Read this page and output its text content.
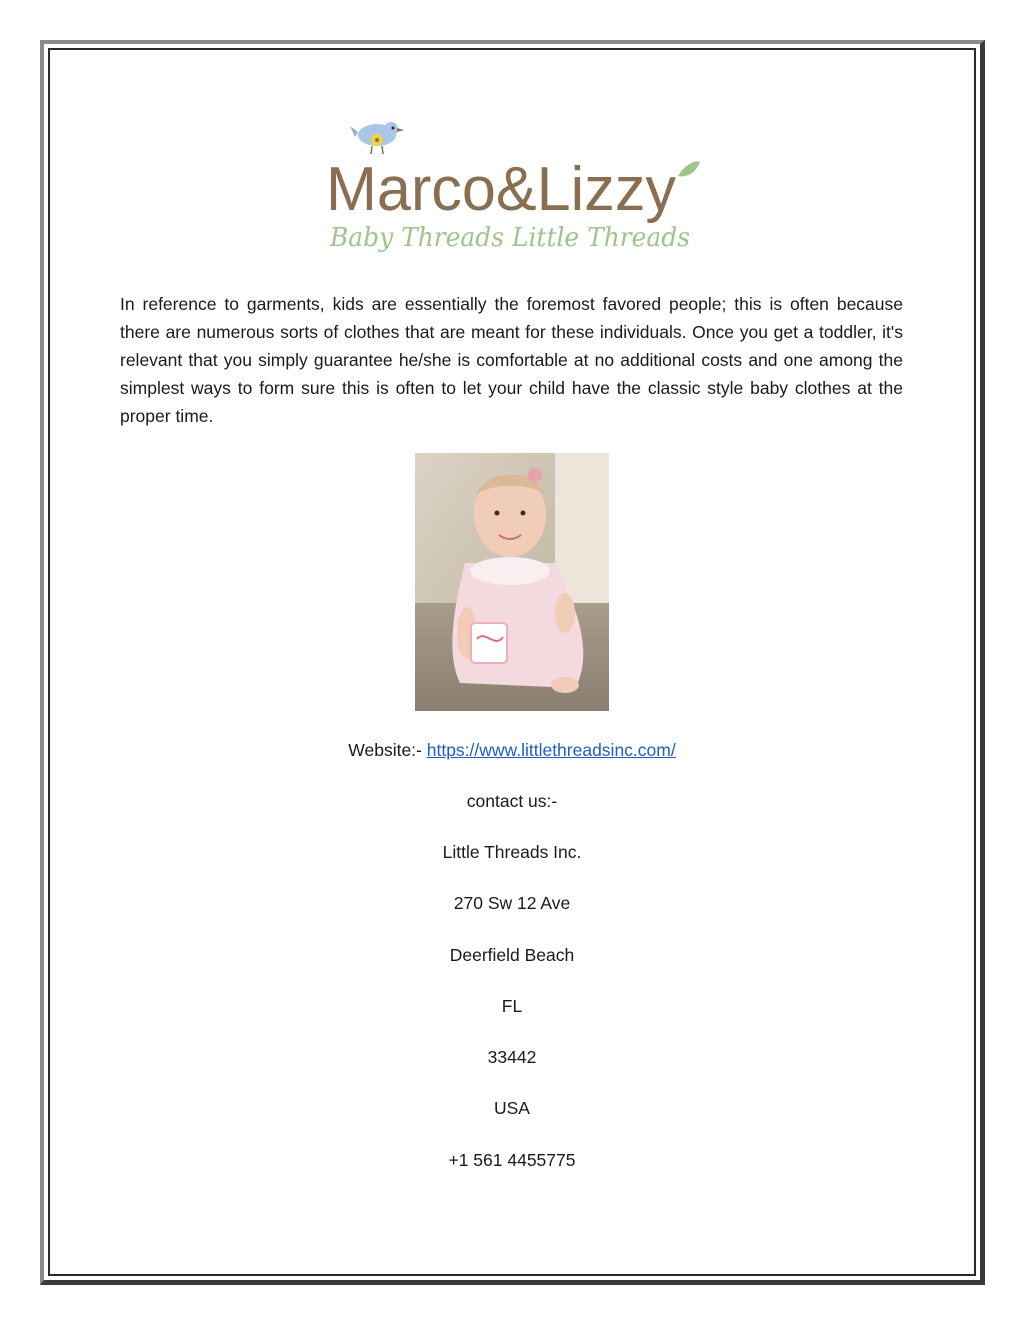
Marco&Lizzy
Baby Threads Little Threads

In reference to garments, kids are essentially the foremost favored people; this is often because there are numerous sorts of clothes that are meant for these individuals. Once you get a toddler, it's relevant that you simply guarantee he/she is comfortable at no additional costs and one among the simplest ways to form sure this is often to let your child have the classic style baby clothes at the proper time.

Website:- https://www.littlethreadsinc.com/

contact us:-

Little Threads Inc.

270 Sw 12 Ave

Deerfield Beach

FL

33442

USA

+1 561 4455775
